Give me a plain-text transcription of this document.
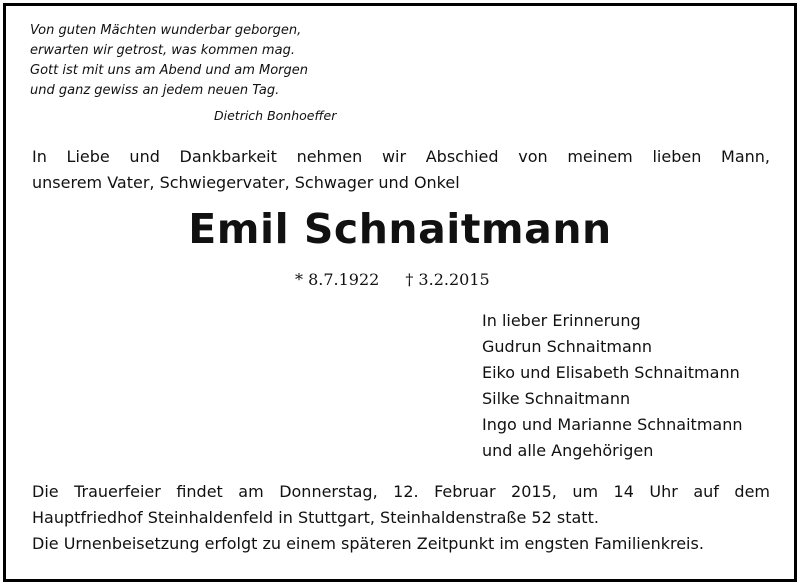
Von guten Mächten wunderbar geborgen,
erwarten wir getrost, was kommen mag.
Gott ist mit uns am Abend und am Morgen
und ganz gewiss an jedem neuen Tag.
Dietrich Bonhoeffer
In Liebe und Dankbarkeit nehmen wir Abschied von meinem lieben Mann,
unserem Vater, Schwiegervater, Schwager und Onkel
Emil Schnaitmann
* 8.7.1922 † 3.2.2015
In lieber Erinnerung
Gudrun Schnaitmann
Eiko und Elisabeth Schnaitmann
Silke Schnaitmann
Ingo und Marianne Schnaitmann
und alle Angehörigen
Die Trauerfeier findet am Donnerstag, 12. Februar 2015, um 14 Uhr auf dem
Hauptfriedhof Steinhaldenfeld in Stuttgart, Steinhaldenstraße 52 statt.
Die Urnenbeisetzung erfolgt zu einem späteren Zeitpunkt im engsten Familienkreis.
